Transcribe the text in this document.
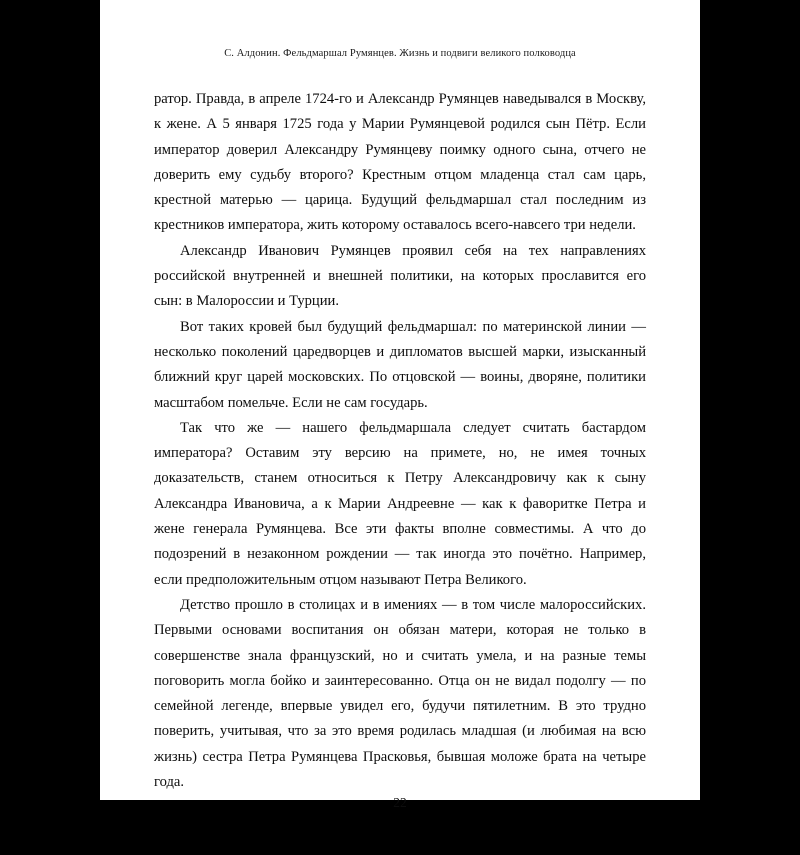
С. Алдонин. Фельдмаршал Румянцев. Жизнь и подвиги великого полководца

ратор. Правда, в апреле 1724-го и Александр Румянцев наведывался в Москву, к жене. А 5 января 1725 года у Марии Румянцевой родился сын Пётр. Если император доверил Александру Румянцеву поимку одного сына, отчего не доверить ему судьбу второго? Крестным отцом младенца стал сам царь, крестной матерью — царица. Будущий фельдмаршал стал последним из крестников императора, жить которому оставалось всего-навсего три недели.

Александр Иванович Румянцев проявил себя на тех направлениях российской внутренней и внешней политики, на которых прославится его сын: в Малороссии и Турции.

Вот таких кровей был будущий фельдмаршал: по материнской линии — несколько поколений царедворцев и дипломатов высшей марки, изысканный ближний круг царей московских. По отцовской — воины, дворяне, политики масштабом помельче. Если не сам государь.

Так что же — нашего фельдмаршала следует считать бастардом императора? Оставим эту версию на примете, но, не имея точных доказательств, станем относиться к Петру Александровичу как к сыну Александра Ивановича, а к Марии Андреевне — как к фаворитке Петра и жене генерала Румянцева. Все эти факты вполне совместимы. А что до подозрений в незаконном рождении — так иногда это почётно. Например, если предположительным отцом называют Петра Великого.

Детство прошло в столицах и в имениях — в том числе малороссийских. Первыми основами воспитания он обязан матери, которая не только в совершенстве знала французский, но и считать умела, и на разные темы поговорить могла бойко и заинтересованно. Отца он не видал подолгу — по семейной легенде, впервые увидел его, будучи пятилетним. В это трудно поверить, учитывая, что за это время родилась младшая (и любимая на всю жизнь) сестра Петра Румянцева Прасковья, бывшая моложе брата на четыре года.

22
